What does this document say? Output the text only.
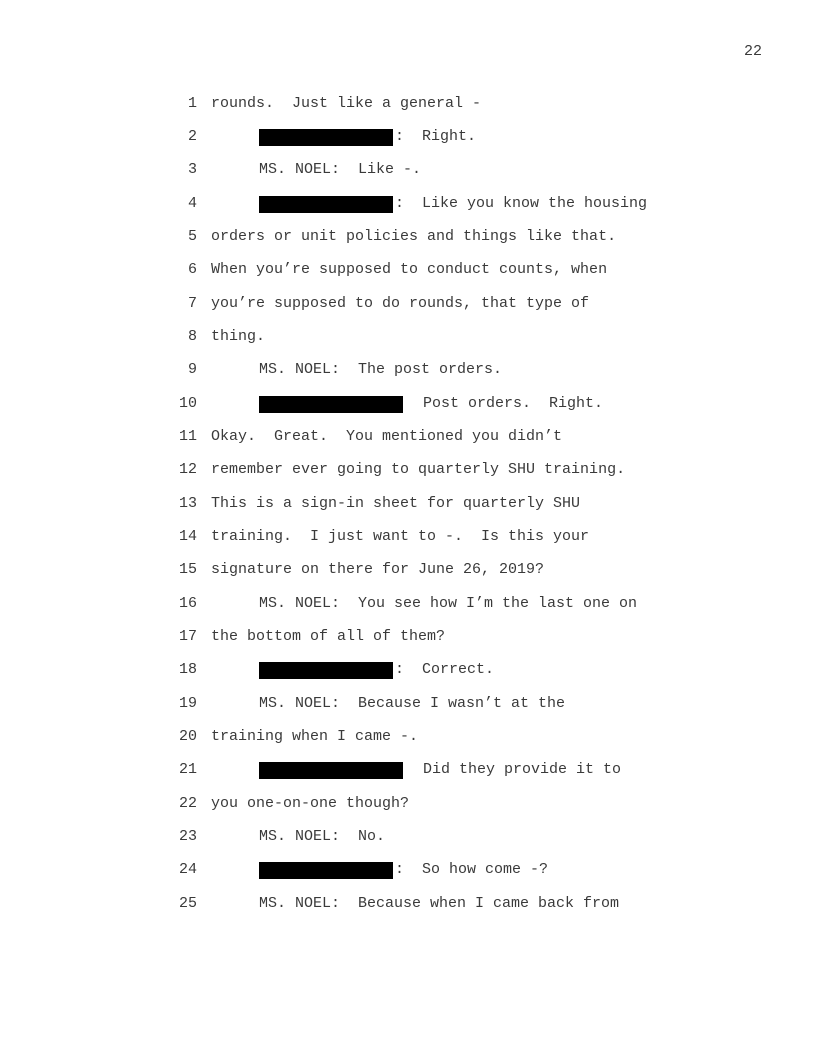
22
1 rounds.  Just like a general -
2	:  Right.
3	MS. NOEL:  Like -.
4	:  Like you know the housing
5 orders or unit policies and things like that.
6 When you’re supposed to conduct counts, when
7 you’re supposed to do rounds, that type of
8 thing.
9	MS. NOEL:  The post orders.
10	Post orders.  Right.
11 Okay.  Great.  You mentioned you didn’t
12 remember ever going to quarterly SHU training.
13 This is a sign-in sheet for quarterly SHU
14 training.  I just want to -.  Is this your
15 signature on there for June 26, 2019?
16	MS. NOEL:  You see how I’m the last one on
17 the bottom of all of them?
18	:  Correct.
19	MS. NOEL:  Because I wasn’t at the
20 training when I came -.
21	Did they provide it to
22 you one-on-one though?
23	MS. NOEL:  No.
24	:  So how come -?
25	MS. NOEL:  Because when I came back from
